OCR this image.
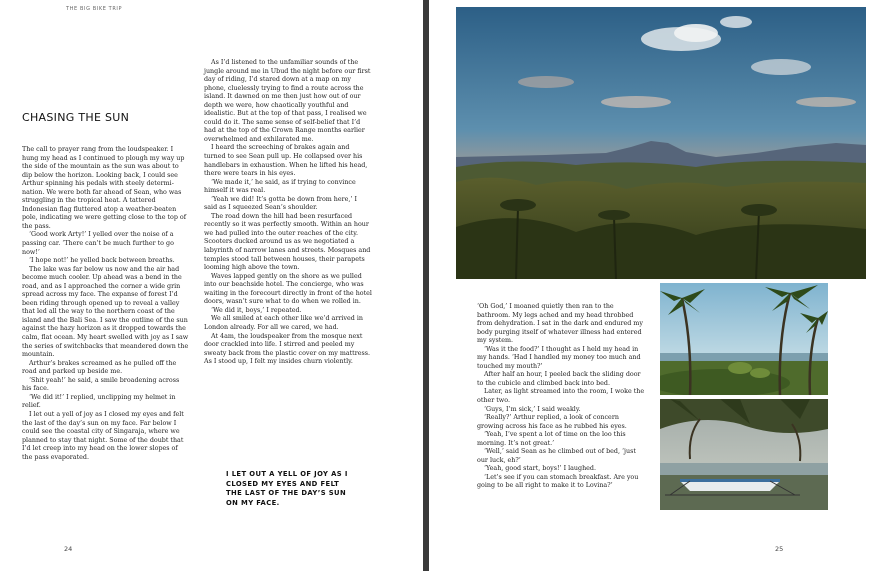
THE BIG BIKE TRIP
CHASING THE SUN

The call to prayer rang from the loudspeaker. I hung my head as I continued to plough my way up the side of the mountain as the sun was about to dip below the horizon. Looking back, I could see Arthur spinning his pedals with steely determination. We were both far ahead of Sean, who was struggling in the tropical heat. A tattered Indonesian flag fluttered atop a weather-beaten pole, indicating we were getting close to the top of the pass.

‘Good work Arty!’ I yelled over the noise of a passing car. ‘There can’t be much further to go now!’

‘I hope not!’ he yelled back between breaths.

The lake was far below us now and the air had become much cooler. Up ahead was a bend in the road, and as I approached the corner a wide grin spread across my face. The expanse of forest I’d been riding through opened up to reveal a valley that led all the way to the northern coast of the island and the Bali Sea. I saw the outline of the sun against the hazy horizon as it dropped towards the calm, flat ocean. My heart swelled with joy as I saw the series of switchbacks that meandered down the mountain.

Arthur’s brakes screamed as he pulled off the road and parked up beside me.

‘Shit yeah!’ he said, a smile broadening across his face.

‘We did it!’ I replied, unclipping my helmet in relief.

I let out a yell of joy as I closed my eyes and felt the last of the day’s sun on my face. Far below I could see the coastal city of Singaraja, where we planned to stay that night. Some of the doubt that I’d let creep into my head on the lower slopes of the pass evaporated.

As I’d listened to the unfamiliar sounds of the jungle around me in Ubud the night before our first day of riding, I’d stared down at a map on my phone, cluelessly trying to find a route across the island. It dawned on me then just how out of our depth we were, how chaotically youthful and idealistic. But at the top of that pass, I realised we could do it. The same sense of self-belief that I’d had at the top of the Crown Range months earlier overwhelmed and exhilarated me.

I heard the screeching of brakes again and turned to see Sean pull up. He collapsed over his handlebars in exhaustion. When he lifted his head, there were tears in his eyes.

‘We made it,’ he said, as if trying to convince himself it was real.

‘Yeah we did! It’s gotta be down from here,’ I said as I squeezed Sean’s shoulder.

The road down the hill had been resurfaced recently so it was perfectly smooth. Within an hour we had pulled into the outer reaches of the city. Scooters ducked around us as we negotiated a labyrinth of narrow lanes and streets. Mosques and temples stood tall between houses, their parapets looming high above the town.

Waves lapped gently on the shore as we pulled into our beachside hotel. The concierge, who was waiting in the forecourt directly in front of the hotel doors, wasn’t sure what to do when we rolled in.

‘We did it, boys,’ I repeated.

We all smiled at each other like we’d arrived in London already. For all we cared, we had.

At 4am, the loudspeaker from the mosque next door crackled into life. I stirred and peeled my sweaty back from the plastic cover on my mattress. As I stood up, I felt my insides churn violently.

I LET OUT A YELL OF JOY AS I CLOSED MY EYES AND FELT THE LAST OF THE DAY’S SUN ON MY FACE.
24

‘Oh God,’ I moaned quietly then ran to the bathroom. My legs ached and my head throbbed from dehydration. I sat in the dark and endured my body purging itself of whatever illness had entered my system.

‘Was it the food?’ I thought as I held my head in my hands. ‘Had I handled my money too much and touched my mouth?’

After half an hour, I peeled back the sliding door to the cubicle and climbed back into bed.

Later, as light streamed into the room, I woke the other two.

‘Guys, I’m sick,’ I said weakly.

‘Really?’ Arthur replied, a look of concern growing across his face as he rubbed his eyes.

‘Yeah, I’ve spent a lot of time on the loo this morning. It’s not great.’

‘Well,’ said Sean as he climbed out of bed, ‘just our luck, eh?’

‘Yeah, good start, boys!’ I laughed.

‘Let’s see if you can stomach breakfast. Are you going to be all right to make it to Lovina?’

25
